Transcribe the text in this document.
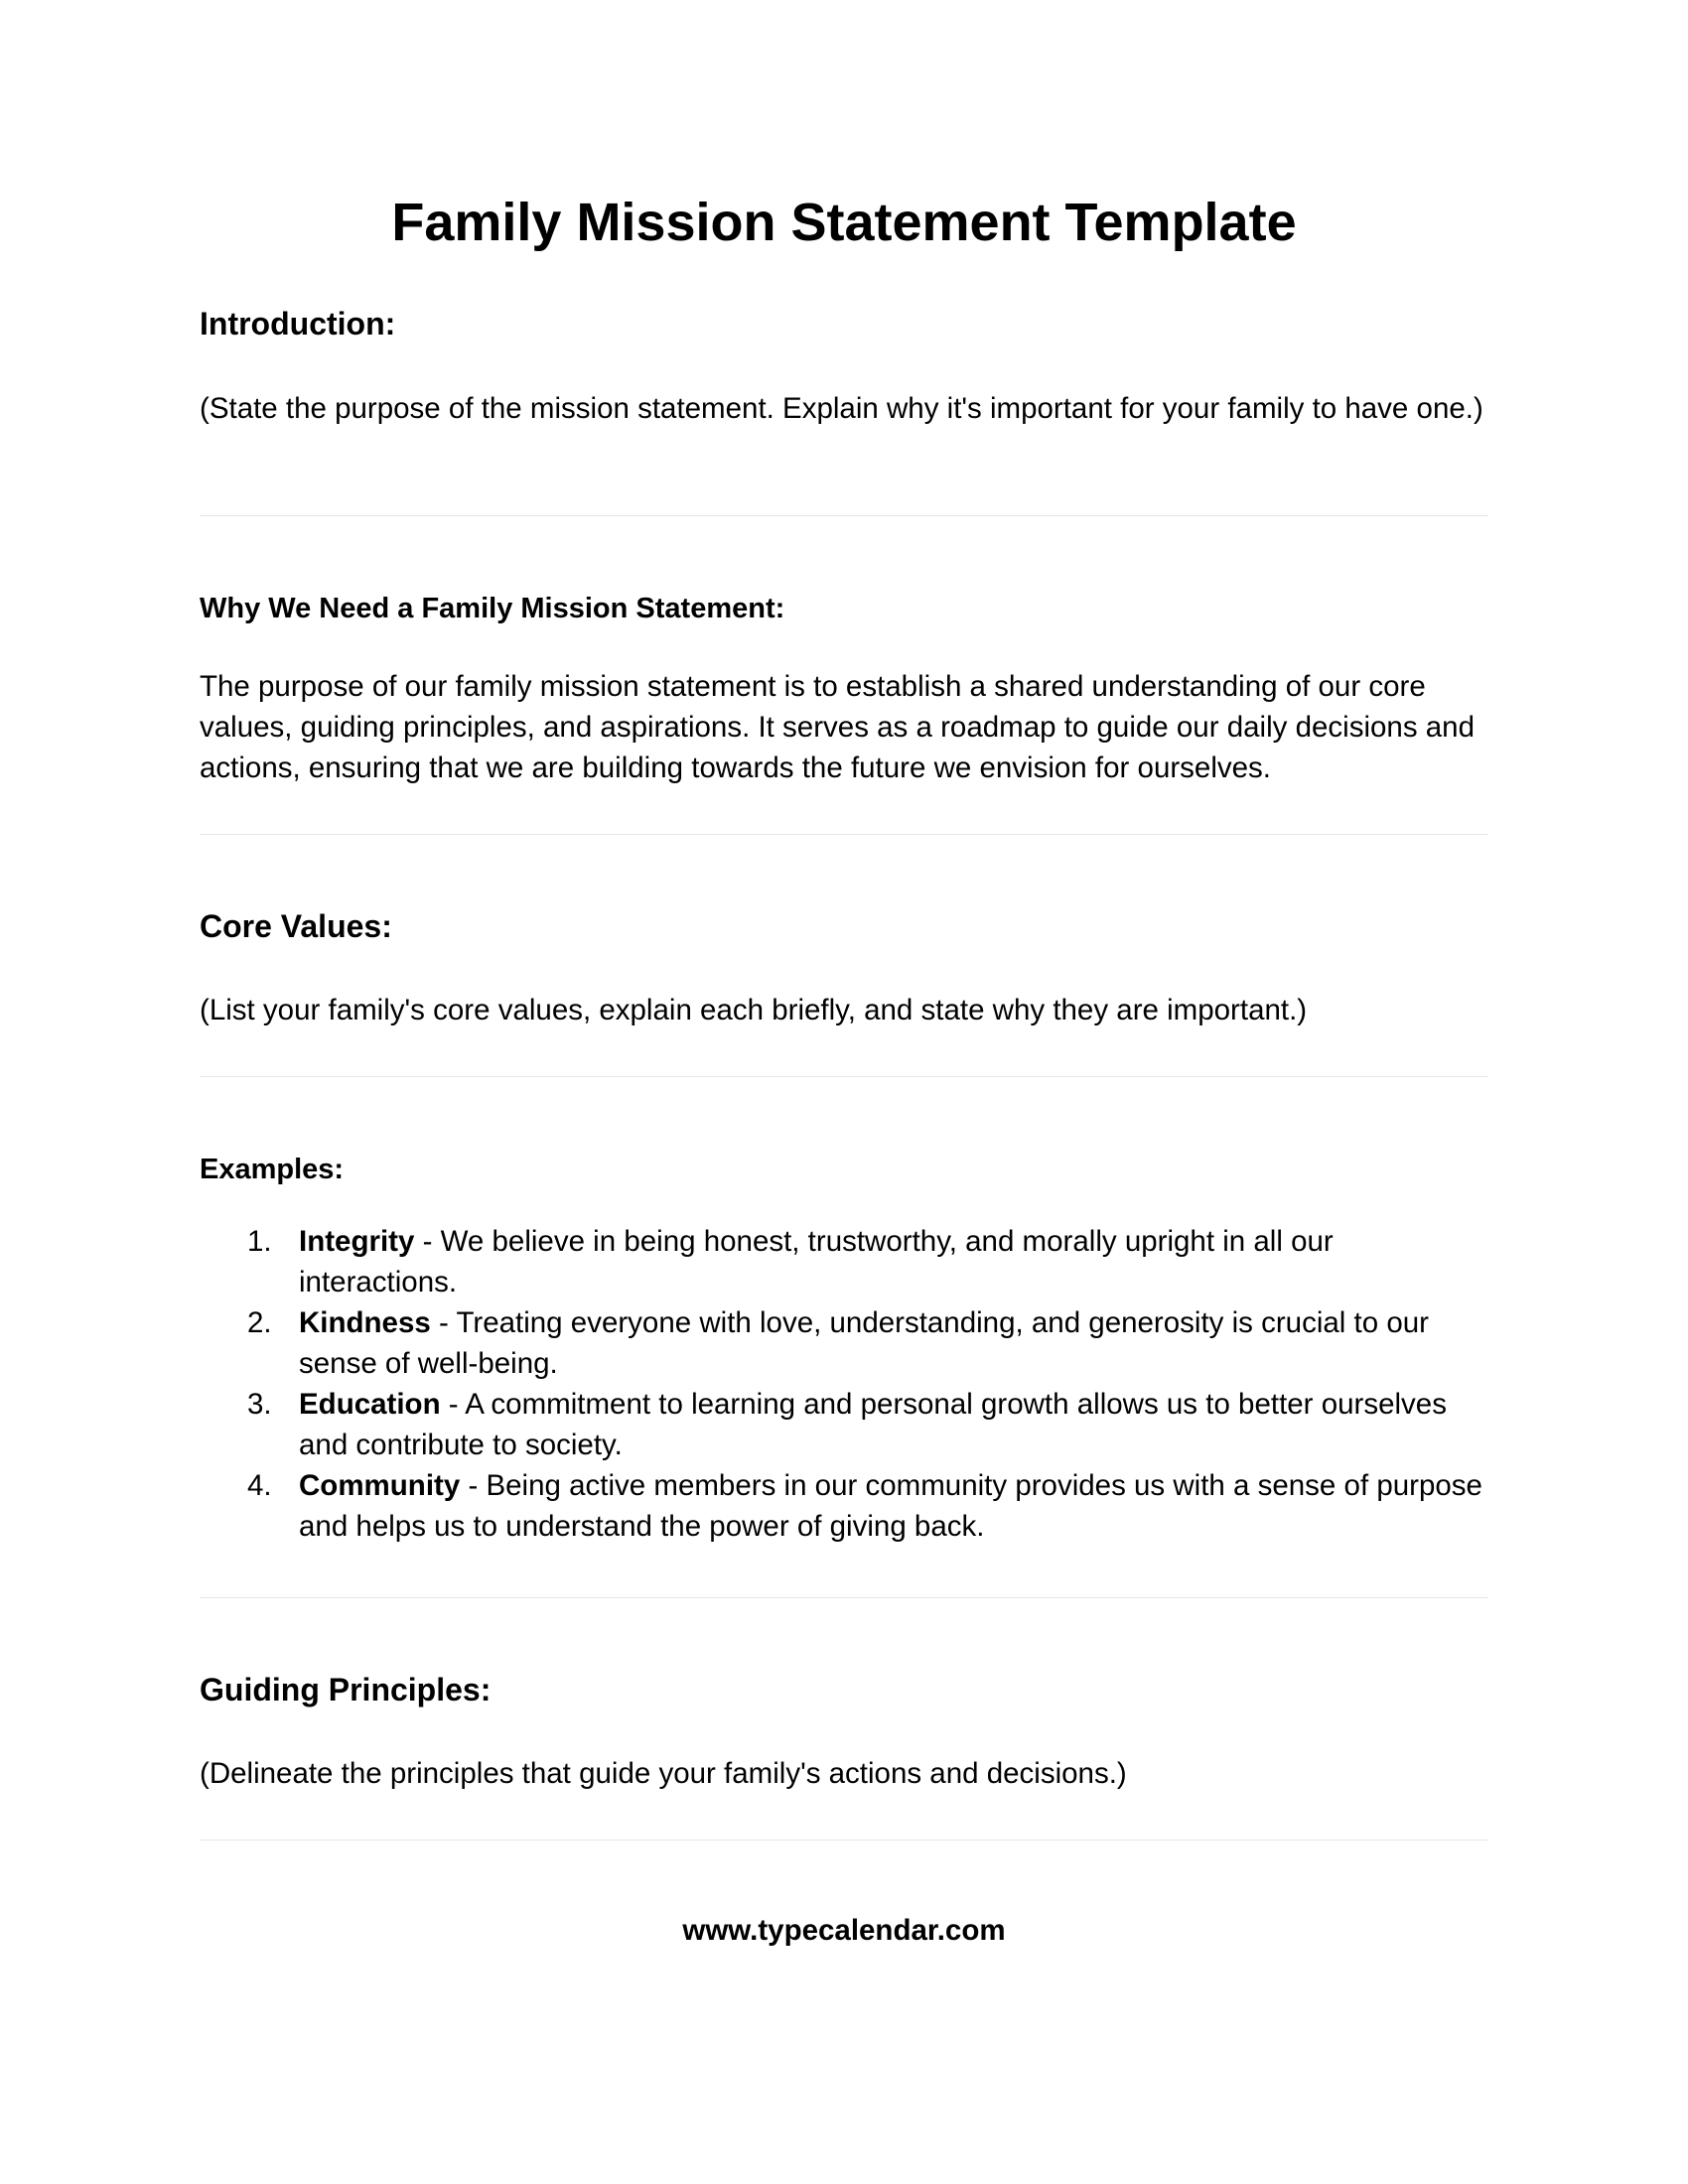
Family Mission Statement Template
Introduction:
(State the purpose of the mission statement. Explain why it's important for your family to have one.)
Why We Need a Family Mission Statement:
The purpose of our family mission statement is to establish a shared understanding of our core values, guiding principles, and aspirations. It serves as a roadmap to guide our daily decisions and actions, ensuring that we are building towards the future we envision for ourselves.
Core Values:
(List your family's core values, explain each briefly, and state why they are important.)
Examples:
1. Integrity - We believe in being honest, trustworthy, and morally upright in all our interactions.
2. Kindness - Treating everyone with love, understanding, and generosity is crucial to our sense of well-being.
3. Education - A commitment to learning and personal growth allows us to better ourselves and contribute to society.
4. Community - Being active members in our community provides us with a sense of purpose and helps us to understand the power of giving back.
Guiding Principles:
(Delineate the principles that guide your family's actions and decisions.)
www.typecalendar.com
